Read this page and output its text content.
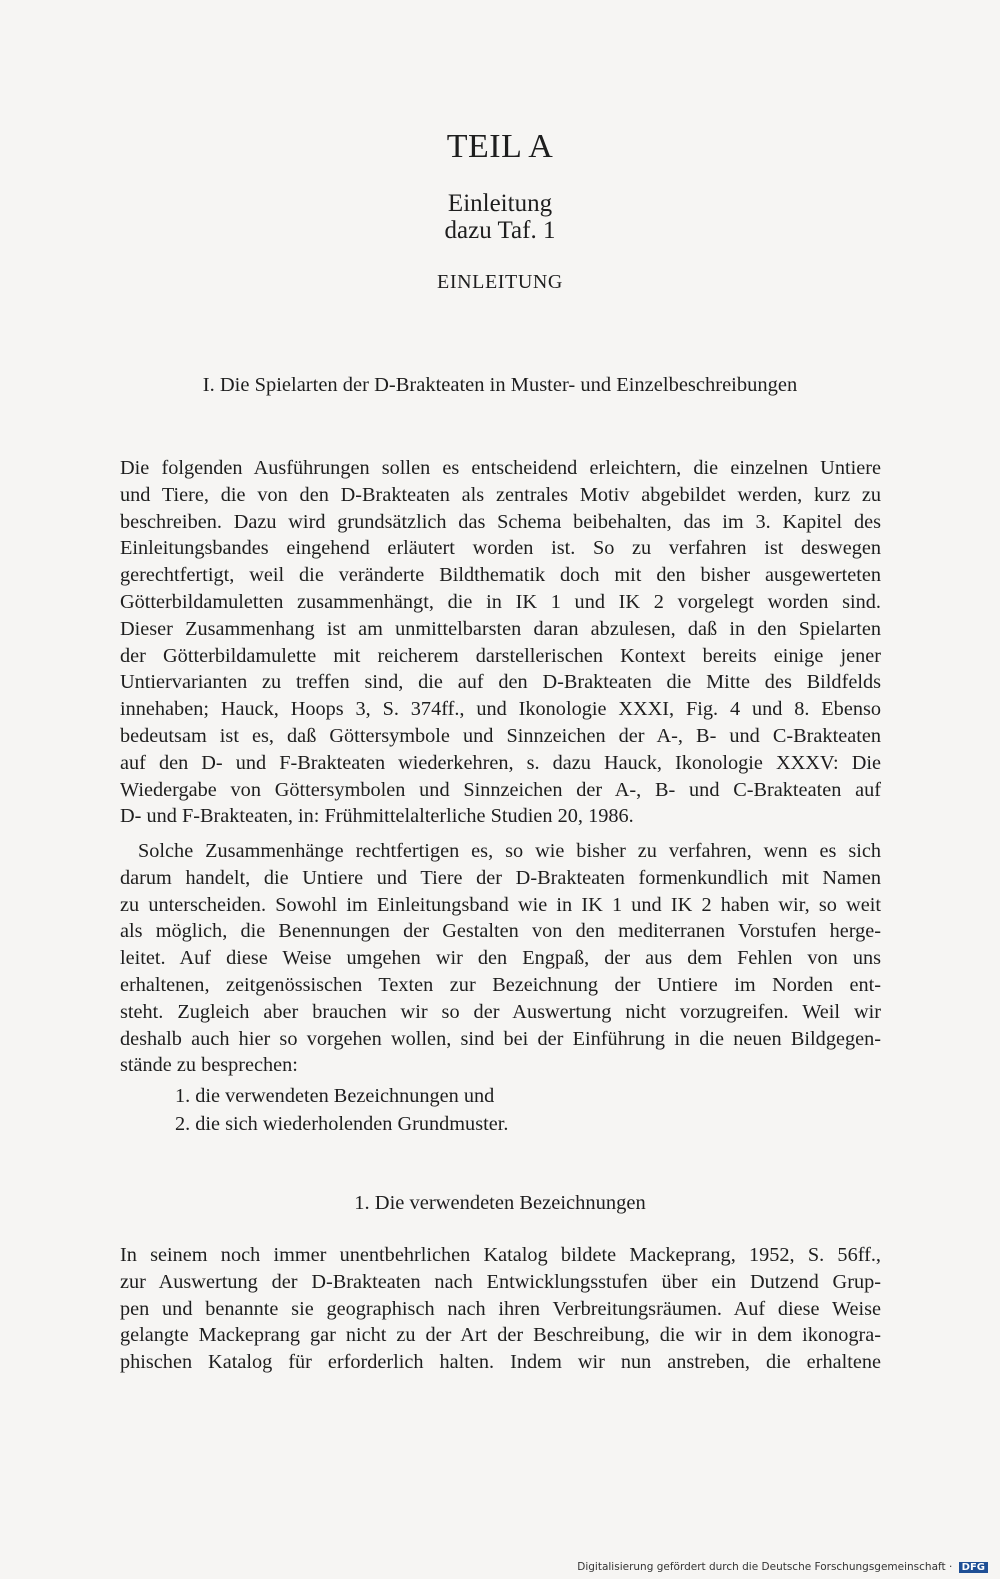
TEIL A
Einleitung
dazu Taf. 1
EINLEITUNG
I. Die Spielarten der D-Brakteaten in Muster- und Einzelbeschreibungen
Die folgenden Ausführungen sollen es entscheidend erleichtern, die einzelnen Untiere
und Tiere, die von den D-Brakteaten als zentrales Motiv abgebildet werden, kurz zu
beschreiben. Dazu wird grundsätzlich das Schema beibehalten, das im 3. Kapitel des
Einleitungsbandes eingehend erläutert worden ist. So zu verfahren ist deswegen
gerechtfertigt, weil die veränderte Bildthematik doch mit den bisher ausgewerteten
Götterbildamuletten zusammenhängt, die in IK 1 und IK 2 vorgelegt worden sind.
Dieser Zusammenhang ist am unmittelbarsten daran abzulesen, daß in den Spielarten
der Götterbildamulette mit reicherem darstellerischen Kontext bereits einige jener
Untiervarianten zu treffen sind, die auf den D-Brakteaten die Mitte des Bildfelds
innehaben; Hauck, Hoops 3, S. 374ff., und Ikonologie XXXI, Fig. 4 und 8. Ebenso
bedeutsam ist es, daß Göttersymbole und Sinnzeichen der A-, B- und C-Brakteaten
auf den D- und F-Brakteaten wiederkehren, s. dazu Hauck, Ikonologie XXXV: Die
Wiedergabe von Göttersymbolen und Sinnzeichen der A-, B- und C-Brakteaten auf
D- und F-Brakteaten, in: Frühmittelalterliche Studien 20, 1986.
Solche Zusammenhänge rechtfertigen es, so wie bisher zu verfahren, wenn es sich
darum handelt, die Untiere und Tiere der D-Brakteaten formenkundlich mit Namen
zu unterscheiden. Sowohl im Einleitungsband wie in IK 1 und IK 2 haben wir, so weit
als möglich, die Benennungen der Gestalten von den mediterranen Vorstufen herge-
leitet. Auf diese Weise umgehen wir den Engpaß, der aus dem Fehlen von uns
erhaltenen, zeitgenössischen Texten zur Bezeichnung der Untiere im Norden ent-
steht. Zugleich aber brauchen wir so der Auswertung nicht vorzugreifen. Weil wir
deshalb auch hier so vorgehen wollen, sind bei der Einführung in die neuen Bildgegen-
stände zu besprechen:
1. die verwendeten Bezeichnungen und
2. die sich wiederholenden Grundmuster.
1. Die verwendeten Bezeichnungen
In seinem noch immer unentbehrlichen Katalog bildete Mackeprang, 1952, S. 56ff.,
zur Auswertung der D-Brakteaten nach Entwicklungsstufen über ein Dutzend Grup-
pen und benannte sie geographisch nach ihren Verbreitungsräumen. Auf diese Weise
gelangte Mackeprang gar nicht zu der Art der Beschreibung, die wir in dem ikonogra-
phischen Katalog für erforderlich halten. Indem wir nun anstreben, die erhaltene
Digitalisierung gefördert durch die Deutsche Forschungsgemeinschaft · DFG
